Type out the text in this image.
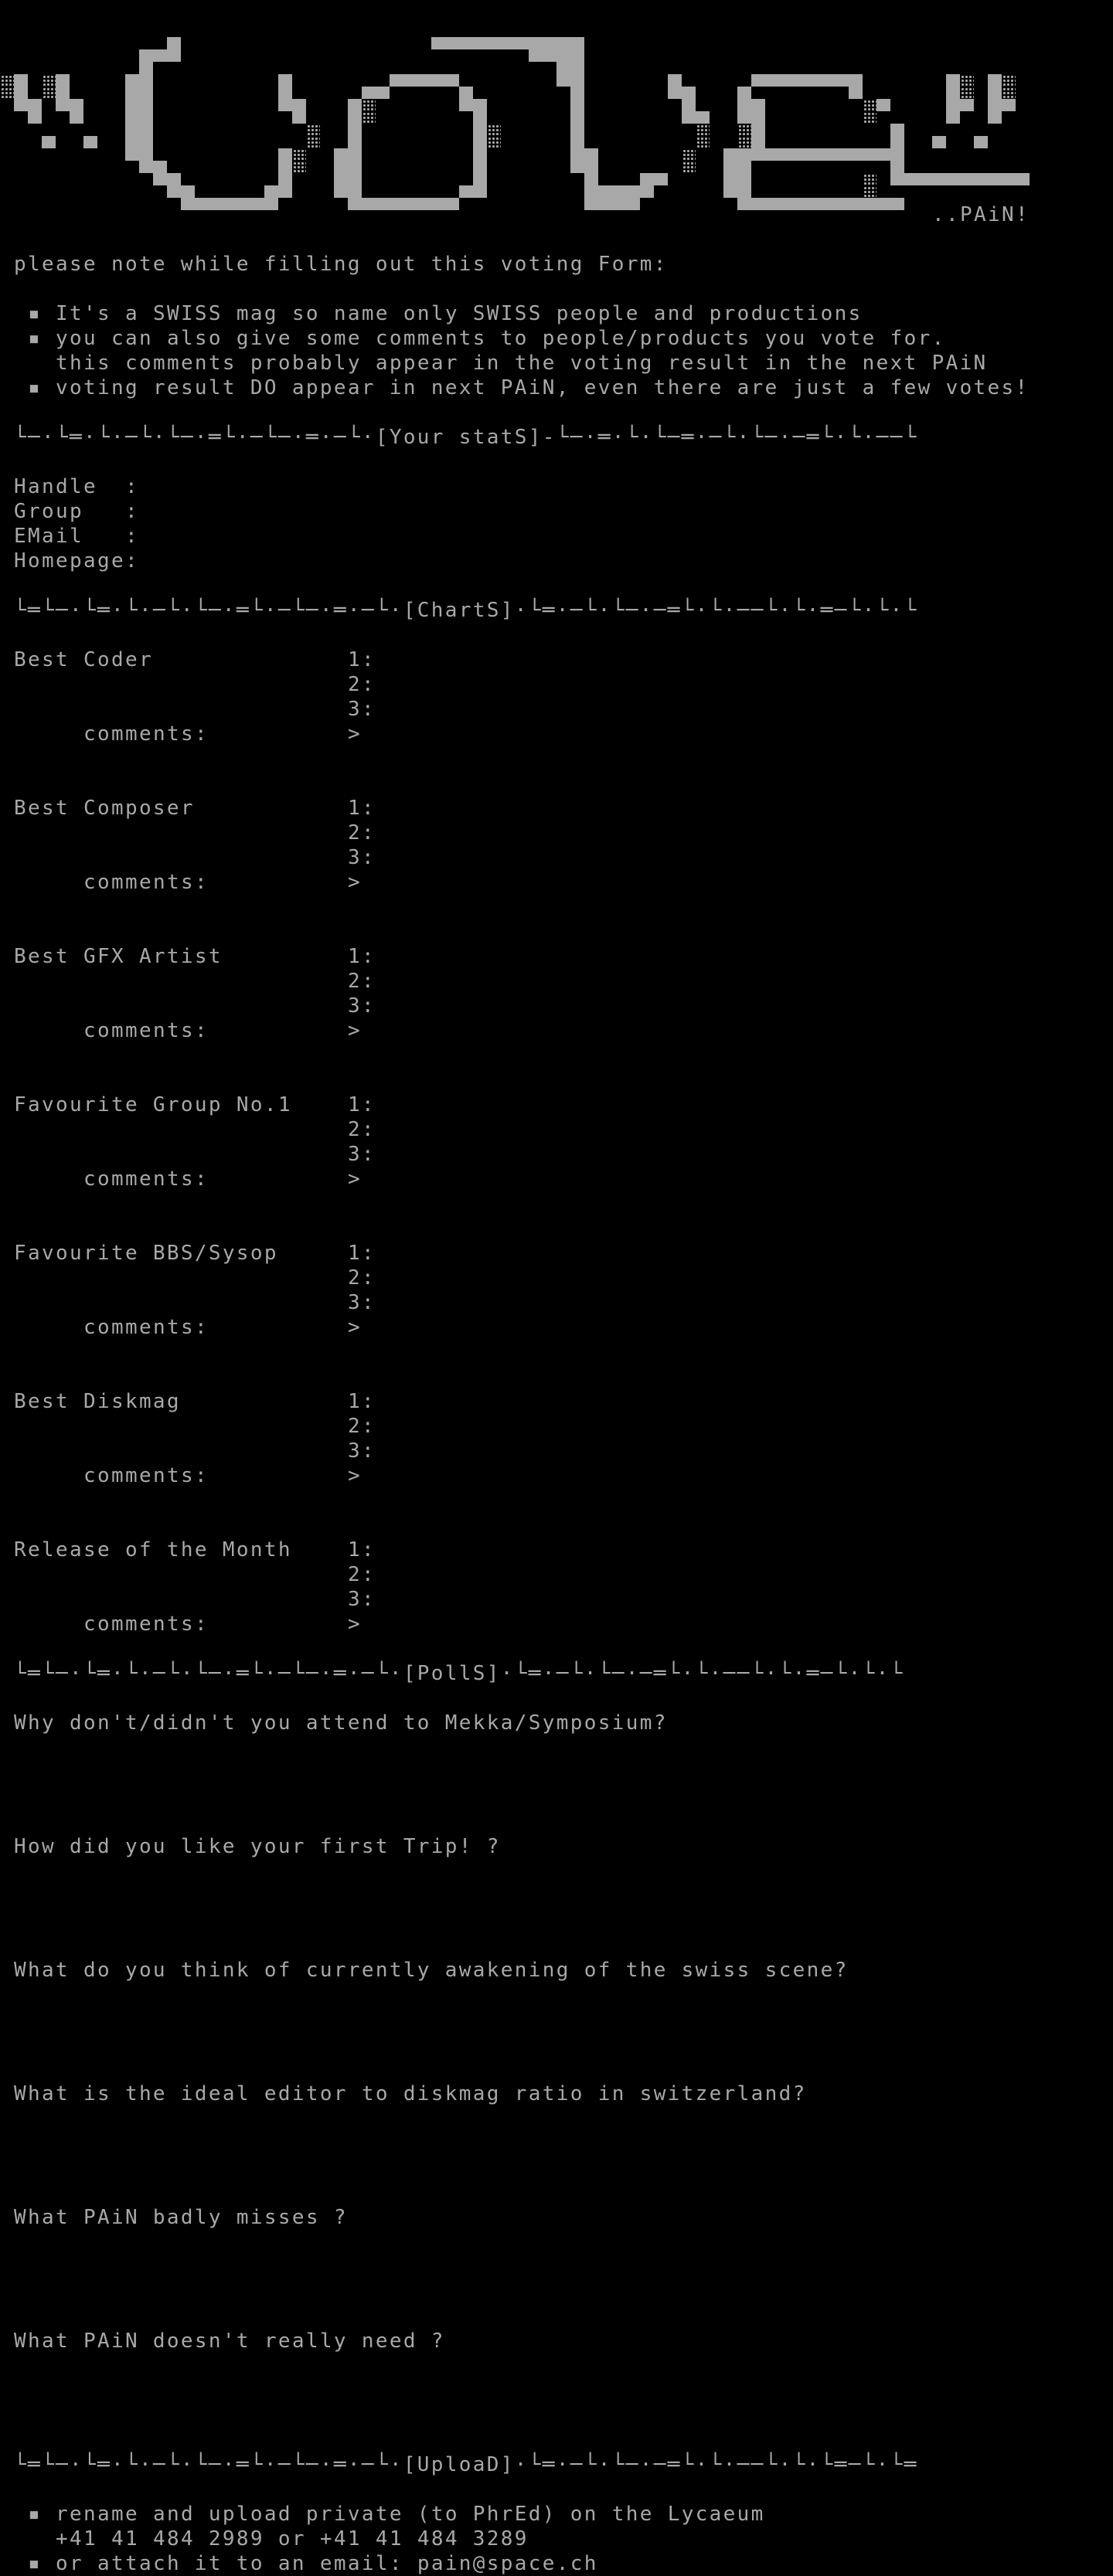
..PAiN!
please note while filling out this voting Form:
▪ It's a SWISS mag so name only SWISS people and productions
▪ you can also give some comments to people/products you vote for.
this comments probably appear in the voting result in the next PAiN
▪ voting result DO appear in next PAiN, even there are just a few votes!
└─·└═·└·─└·└─·═└·─└─·═·─└·[Your statS]-└─·═·└·└─═·─└·└─·─═└·└·──└
Handle :
Group :
EMail :
Homepage :
└═└─·└═·└·─└·└─·═└·─└─·═·─└·[ChartS]·└═·─└·└─·─═└·└·──└·└·═─└·└·└
Best Coder	1:
2:
3:
comments:	>
Best Composer	1:
2:
3:
comments:	>
Best GFX Artist	1:
2:
3:
comments:	>
Favourite Group No.1	1:
2:
3:
comments:	>
Favourite BBS/Sysop	1:
2:
3:
comments:	>
Best Diskmag	1:
2:
3:
comments:	>
Release of the Month	1:
2:
3:
comments:	>
└═└─·└═·└·─└·└─·═└·─└─·═·─└·[PollS]·└═·─└·└─·─═└·└·──└·└·═─└·└·└
Why don't/didn't you attend to Mekka/Symposium?
How did you like your first Trip! ?
What do you think of currently awakening of the swiss scene?
What is the ideal editor to diskmag ratio in switzerland?
What PAiN badly misses ?
What PAiN doesn't really need ?
└═└─·└═·└·─└·└─·═└·─└─·═·─└·[UploaD]·└═·─└·└─·─═└·└·──└·└·└═─└·└═
▪ rename and upload private (to PhrEd) on the Lycaeum
+41 41 484 2989 or +41 41 484 3289
▪ or attach it to an email: pain@space.ch
